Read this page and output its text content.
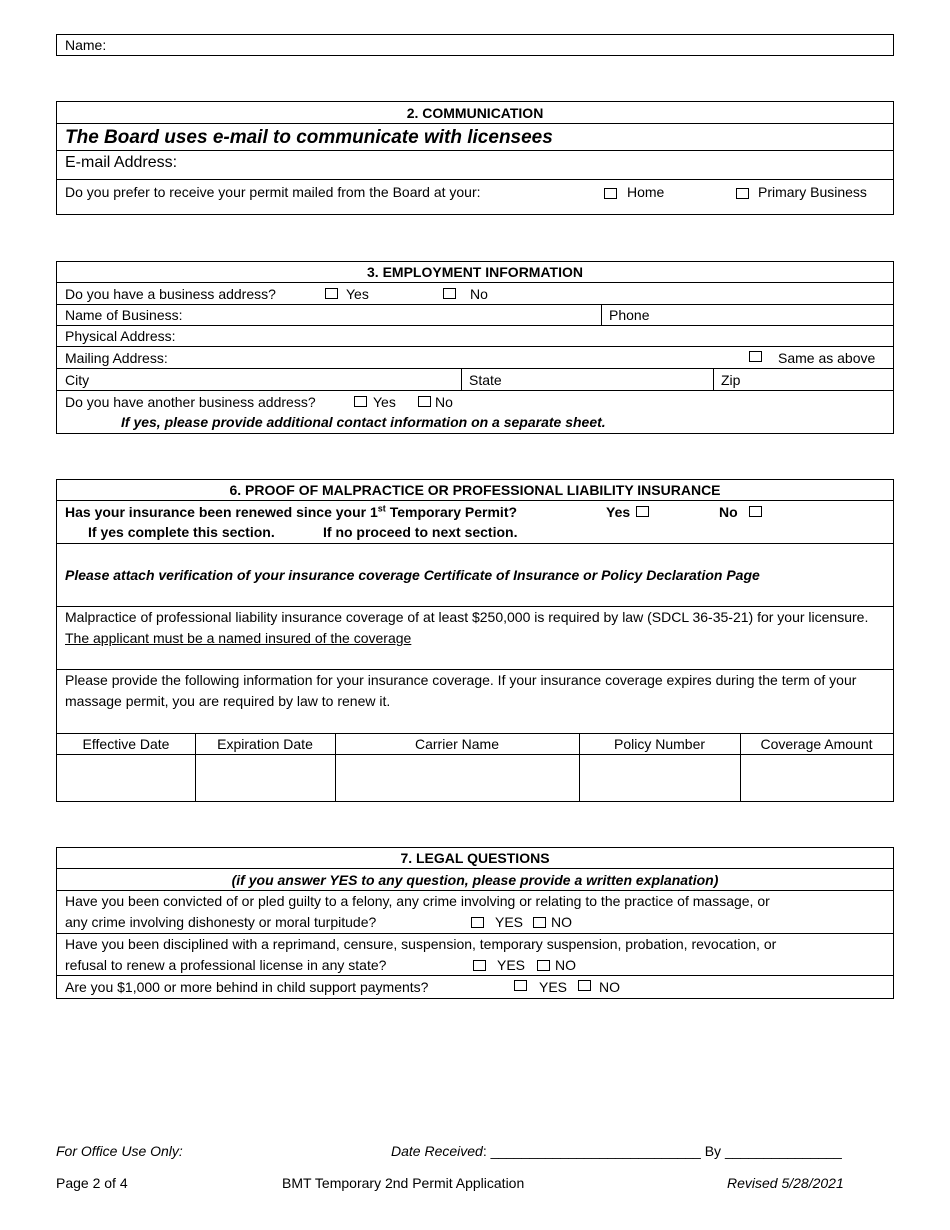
Name:
2. COMMUNICATION
The Board uses e-mail to communicate with licensees
E-mail Address:
Do you prefer to receive your permit mailed from the Board at your:	Home	Primary Business
3. EMPLOYMENT INFORMATION
Do you have a business address?	Yes	No
Name of Business:	Phone
Physical Address:
Mailing Address:	Same as above
City	State	Zip
Do you have another business address?	Yes	No
If yes, please provide additional contact information on a separate sheet.
6. PROOF OF MALPRACTICE OR PROFESSIONAL LIABILITY INSURANCE
Has your insurance been renewed since your 1st Temporary Permit?	Yes	No
If yes complete this section.	If no proceed to next section.
Please attach verification of your insurance coverage Certificate of Insurance or Policy Declaration Page
Malpractice of professional liability insurance coverage of at least $250,000 is required by law (SDCL 36-35-21) for your licensure.  The applicant must be a named insured of the coverage
Please provide the following information for your insurance coverage. If your insurance coverage expires during the term of your massage permit, you are required by law to renew it.
Effective Date	Expiration Date	Carrier Name	Policy Number	Coverage Amount
7. LEGAL QUESTIONS
(if you answer YES to any question, please provide a written explanation)
Have you been convicted of or pled guilty to a felony, any crime involving or relating to the practice of massage, or
any crime involving dishonesty or moral turpitude?	YES NO
Have you been disciplined with a reprimand, censure, suspension, temporary suspension, probation, revocation, or
refusal to renew a professional license in any state?	YES NO
Are you $1,000 or more behind in child support payments?	YES NO
For Office Use Only:	Date Received: ___________________________ By _______________
Page 2 of 4	BMT Temporary 2nd Permit Application	Revised 5/28/2021
